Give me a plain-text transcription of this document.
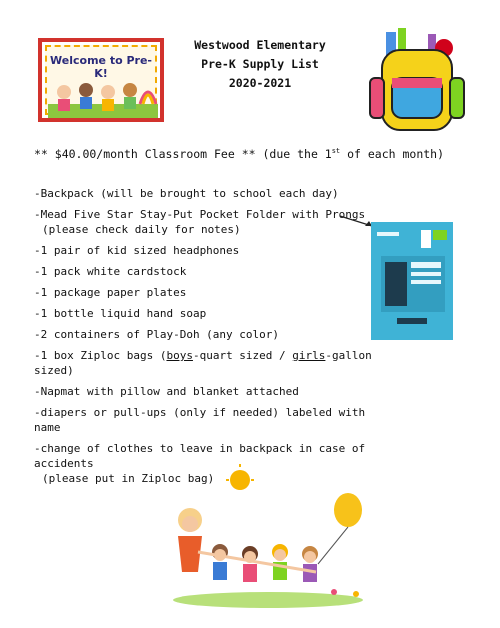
Welcome to Pre-K!
Westwood Elementary
Pre-K Supply List
2020-2021
** $40.00/month Classroom Fee ** (due the 1st of each month)
-Backpack (will be brought to school each day)
-Mead Five Star Stay-Put Pocket Folder with Prongs
(please check daily for notes)
-1 pair of kid sized headphones
-1 pack white cardstock
-1 package paper plates
-1 bottle liquid hand soap
-2 containers of Play-Doh (any color)
-1 box Ziploc bags (boys-quart sized / girls-gallon sized)
-Napmat with pillow and blanket attached
-diapers or pull-ups (only if needed) labeled with name
-change of clothes to leave in backpack in case of accidents
(please put in Ziploc bag)
